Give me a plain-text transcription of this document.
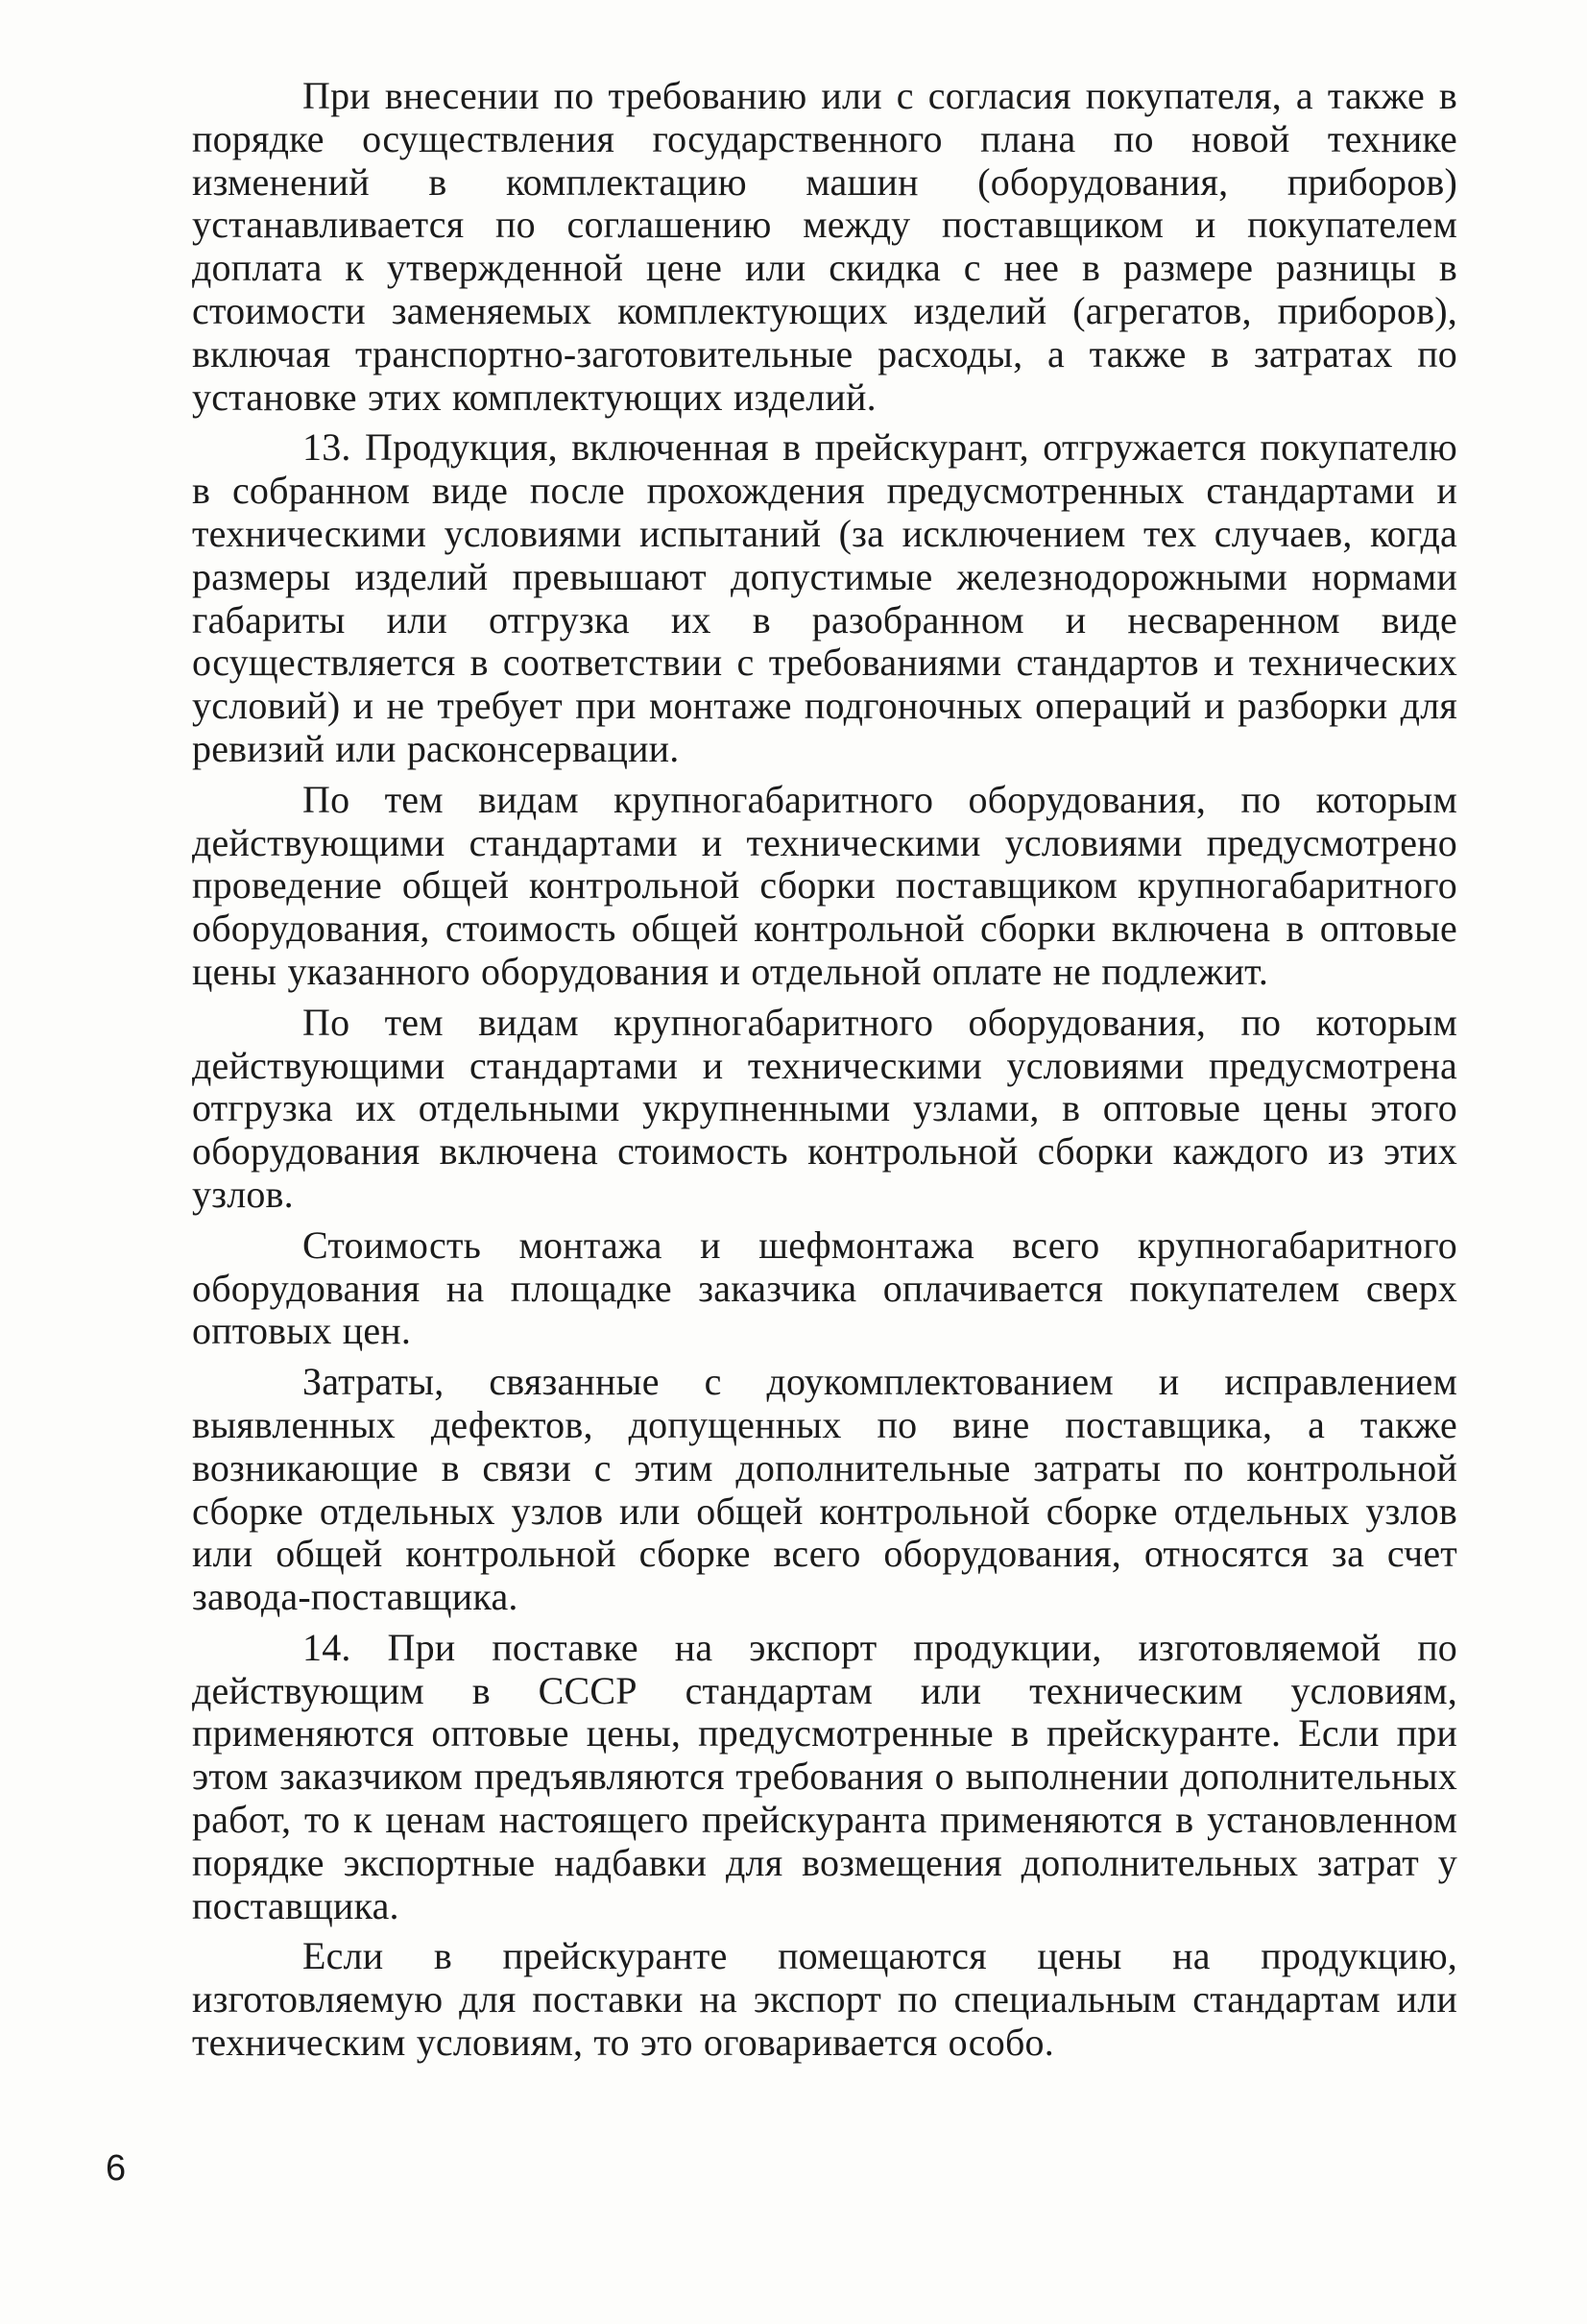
При внесении по требованию или с согласия покупателя, а также в порядке осуществления государственного плана по новой технике изменений в комплектацию машин (оборудования, приборов) устанавливается по соглашению между поставщиком и покупателем доплата к утвержденной цене или скидка с нее в размере разницы в стоимости заменяемых комплектующих изделий (агрегатов, приборов), включая транспортно-заготовительные расходы, а также в затратах по установке этих комплектующих изделий.

13. Продукция, включенная в прейскурант, отгружается покупателю в собранном виде после прохождения предусмотренных стандартами и техническими условиями испытаний (за исключением тех случаев, когда размеры изделий превышают допустимые железнодорожными нормами габариты или отгрузка их в разобранном и несваренном виде осуществляется в соответствии с требованиями стандартов и технических условий) и не требует при монтаже подгоночных операций и разборки для ревизий или расконсервации.

По тем видам крупногабаритного оборудования, по которым действующими стандартами и техническими условиями предусмотрено проведение общей контрольной сборки поставщиком крупногабаритного оборудования, стоимость общей контрольной сборки включена в оптовые цены указанного оборудования и отдельной оплате не подлежит.

По тем видам крупногабаритного оборудования, по которым действующими стандартами и техническими условиями предусмотрена отгрузка их отдельными укрупненными узлами, в оптовые цены этого оборудования включена стоимость контрольной сборки каждого из этих узлов.

Стоимость монтажа и шефмонтажа всего крупногабаритного оборудования на площадке заказчика оплачивается покупателем сверх оптовых цен.

Затраты, связанные с доукомплектованием и исправлением выявленных дефектов, допущенных по вине поставщика, а также возникающие в связи с этим дополнительные затраты по контрольной сборке отдельных узлов или общей контрольной сборке отдельных узлов или общей контрольной сборке всего оборудования, относятся за счет завода-поставщика.

14. При поставке на экспорт продукции, изготовляемой по действующим в СССР стандартам или техническим условиям, применяются оптовые цены, предусмотренные в прейскуранте. Если при этом заказчиком предъявляются требования о выполнении дополнительных работ, то к ценам настоящего прейскуранта применяются в установленном порядке экспортные надбавки для возмещения дополнительных затрат у поставщика.

Если в прейскуранте помещаются цены на продукцию, изготовляемую для поставки на экспорт по специальным стандартам или техническим условиям, то это оговаривается особо.

6
